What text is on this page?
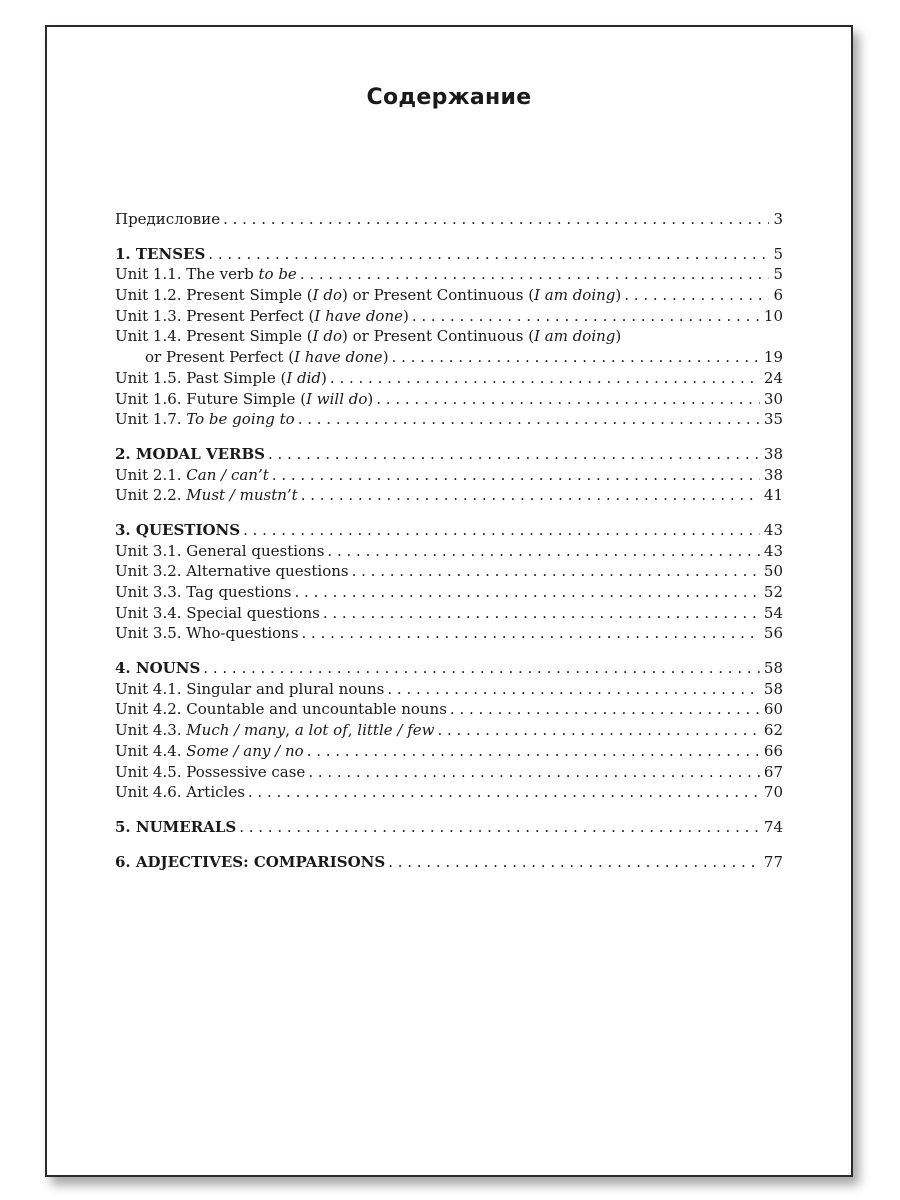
Содержание
Предисловие . . .	3
1. TENSES . . .	5
Unit 1.1. The verb to be . . .	5
Unit 1.2. Present Simple (I do) or Present Continuous (I am doing) . . .	6
Unit 1.3. Present Perfect (I have done) . . .	10
Unit 1.4. Present Simple (I do) or Present Continuous (I am doing)
or Present Perfect (I have done) . . .	19
Unit 1.5. Past Simple (I did) . . .	24
Unit 1.6. Future Simple (I will do) . . .	30
Unit 1.7. To be going to . . .	35
2. MODAL VERBS . . .	38
Unit 2.1. Can / can’t . . .	38
Unit 2.2. Must / mustn’t . . .	41
3. QUESTIONS . . .	43
Unit 3.1. General questions . . .	43
Unit 3.2. Alternative questions . . .	50
Unit 3.3. Tag questions . . .	52
Unit 3.4. Special questions . . .	54
Unit 3.5. Who-questions . . .	56
4. NOUNS . . .	58
Unit 4.1. Singular and plural nouns . . .	58
Unit 4.2. Countable and uncountable nouns . . .	60
Unit 4.3. Much / many, a lot of, little / few . . .	62
Unit 4.4. Some / any / no . . .	66
Unit 4.5. Possessive case . . .	67
Unit 4.6. Articles . . .	70
5. NUMERALS . . .	74
6. ADJECTIVES: COMPARISONS . . .	77
